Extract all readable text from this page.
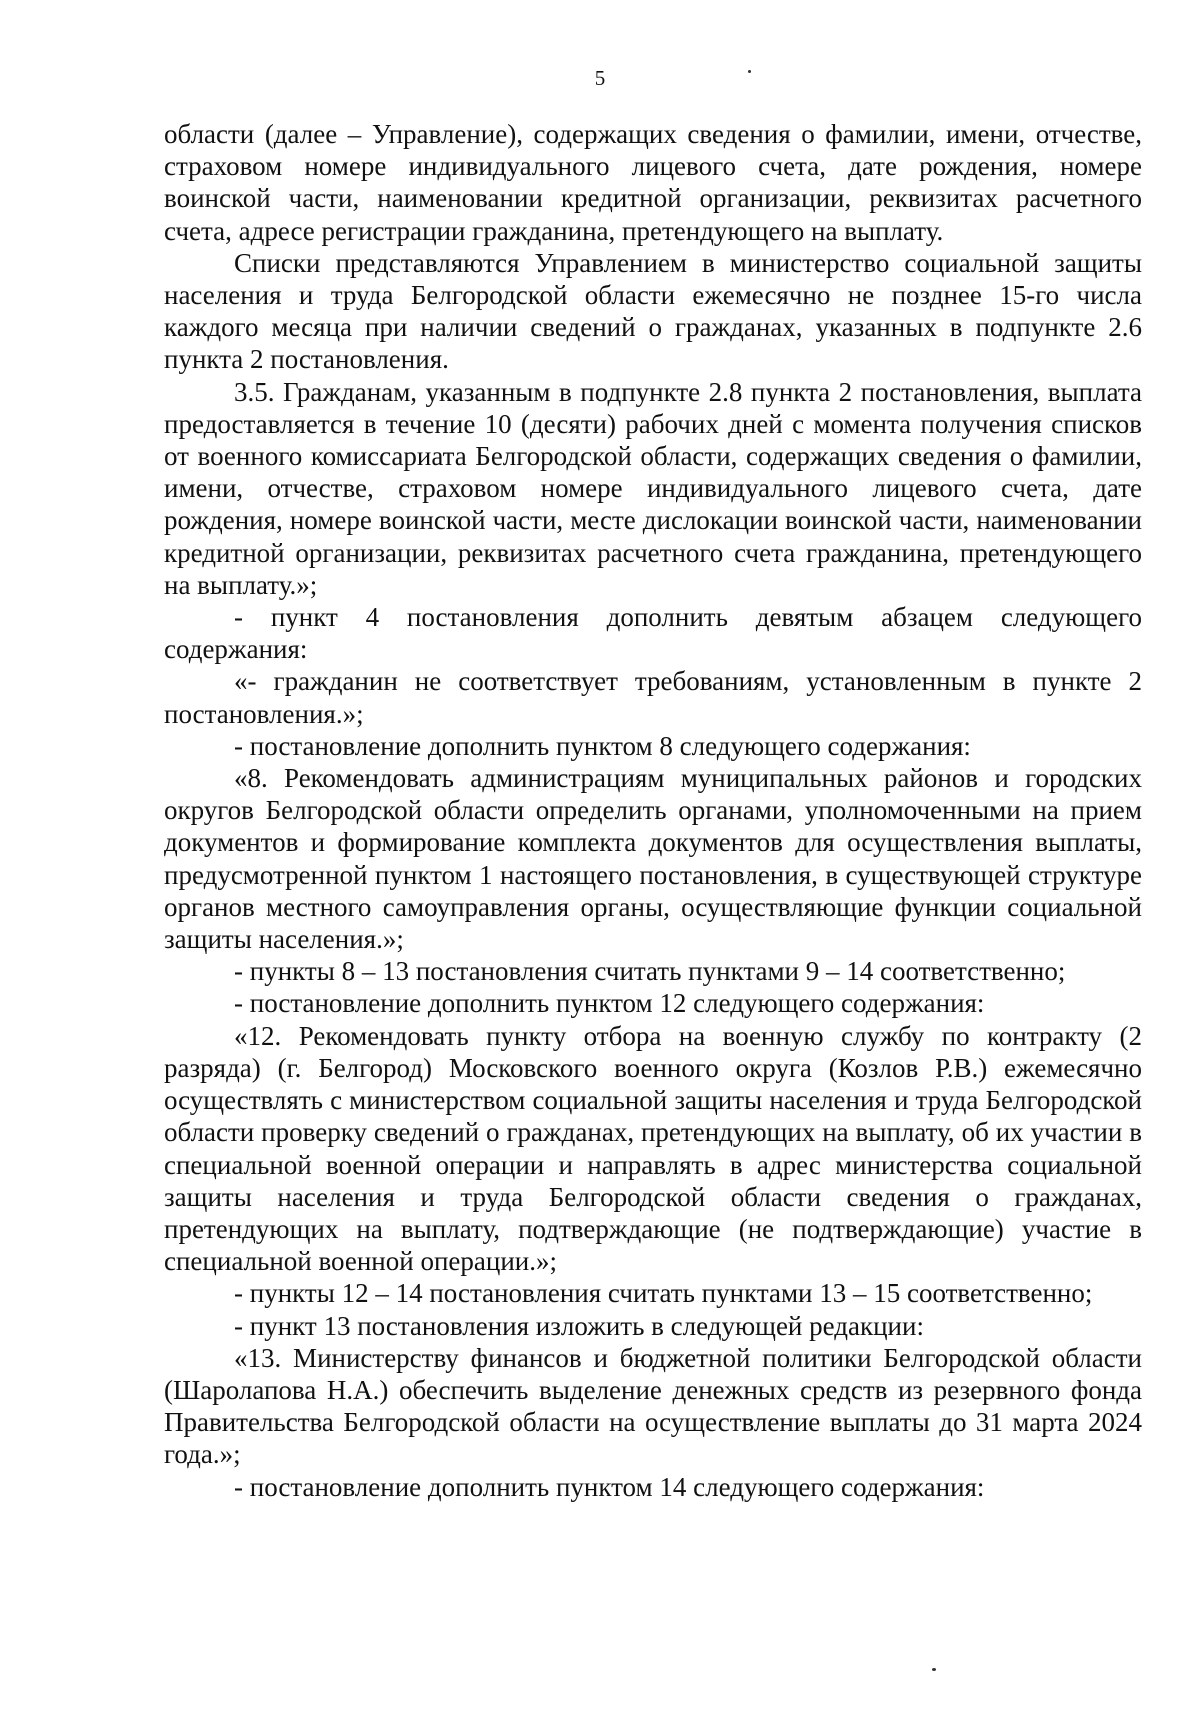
5

области (далее – Управление), содержащих сведения о фамилии, имени, отчестве, страховом номере индивидуального лицевого счета, дате рождения, номере воинской части, наименовании кредитной организации, реквизитах расчетного счета, адресе регистрации гражданина, претендующего на выплату.

Списки представляются Управлением в министерство социальной защиты населения и труда Белгородской области ежемесячно не позднее 15-го числа каждого месяца при наличии сведений о гражданах, указанных в подпункте 2.6 пункта 2 постановления.

3.5. Гражданам, указанным в подпункте 2.8 пункта 2 постановления, выплата предоставляется в течение 10 (десяти) рабочих дней с момента получения списков от военного комиссариата Белгородской области, содержащих сведения о фамилии, имени, отчестве, страховом номере индивидуального лицевого счета, дате рождения, номере воинской части, месте дислокации воинской части, наименовании кредитной организации, реквизитах расчетного счета гражданина, претендующего на выплату.»;

- пункт 4 постановления дополнить девятым абзацем следующего содержания:

«- гражданин не соответствует требованиям, установленным в пункте 2 постановления.»;

- постановление дополнить пунктом 8 следующего содержания:

«8. Рекомендовать администрациям муниципальных районов и городских округов Белгородской области определить органами, уполномоченными на прием документов и формирование комплекта документов для осуществления выплаты, предусмотренной пунктом 1 настоящего постановления, в существующей структуре органов местного самоуправления органы, осуществляющие функции социальной защиты населения.»;

- пункты 8 – 13 постановления считать пунктами 9 – 14 соответственно;

- постановление дополнить пунктом 12 следующего содержания:

«12. Рекомендовать пункту отбора на военную службу по контракту (2 разряда) (г. Белгород) Московского военного округа (Козлов Р.В.) ежемесячно осуществлять с министерством социальной защиты населения и труда Белгородской области проверку сведений о гражданах, претендующих на выплату, об их участии в специальной военной операции и направлять в адрес министерства социальной защиты населения и труда Белгородской области сведения о гражданах, претендующих на выплату, подтверждающие (не подтверждающие) участие в специальной военной операции.»;

- пункты 12 – 14 постановления считать пунктами 13 – 15 соответственно;

- пункт 13 постановления изложить в следующей редакции:

«13. Министерству финансов и бюджетной политики Белгородской области (Шаролапова Н.А.) обеспечить выделение денежных средств из резервного фонда Правительства Белгородской области на осуществление выплаты до 31 марта 2024 года.»;

- постановление дополнить пунктом 14 следующего содержания:
